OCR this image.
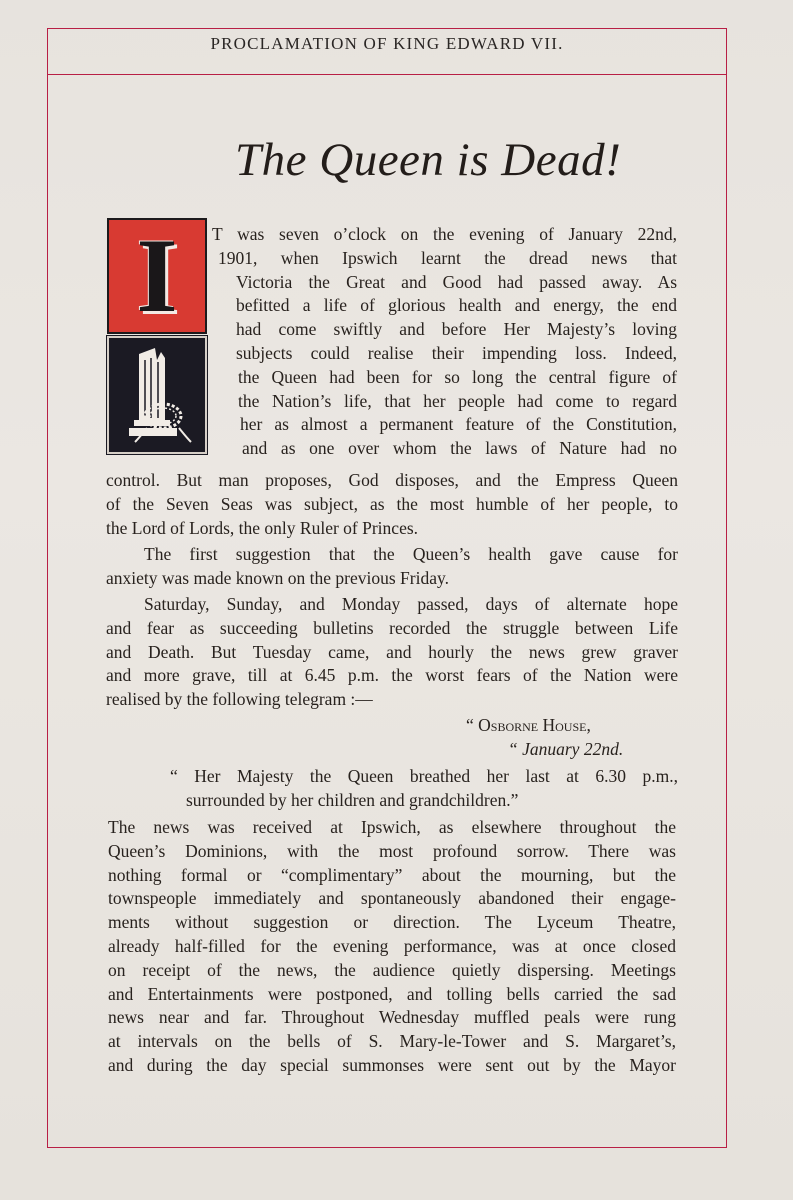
PROCLAMATION OF KING EDWARD VII.
The Queen is Dead!
I	T was seven o’clock on the evening of January 22nd,
1901, when Ipswich learnt the dread news that
Victoria the Great and Good had passed away. As
befitted a life of glorious health and energy, the end
had come swiftly and before Her Majesty’s loving
subjects could realise their impending loss. Indeed,
the Queen had been for so long the central figure of
the Nation’s life, that her people had come to regard
her as almost a permanent feature of the Constitution,
and as one over whom the laws of Nature had no
control. But man proposes, God disposes, and the Empress Queen
of the Seven Seas was subject, as the most humble of her people, to
the Lord of Lords, the only Ruler of Princes.
The first suggestion that the Queen’s health gave cause for
anxiety was made known on the previous Friday.
Saturday, Sunday, and Monday passed, days of alternate hope
and fear as succeeding bulletins recorded the struggle between Life
and Death. But Tuesday came, and hourly the news grew graver
and more grave, till at 6.45 p.m. the worst fears of the Nation were
realised by the following telegram :—
“ Osborne House,
“ January 22nd.
“ Her Majesty the Queen breathed her last at 6.30 p.m.,
surrounded by her children and grandchildren.”
The news was received at Ipswich, as elsewhere throughout the
Queen’s Dominions, with the most profound sorrow. There was
nothing formal or “complimentary” about the mourning, but the
townspeople immediately and spontaneously abandoned their engage-
ments without suggestion or direction. The Lyceum Theatre,
already half-filled for the evening performance, was at once closed
on receipt of the news, the audience quietly dispersing. Meetings
and Entertainments were postponed, and tolling bells carried the sad
news near and far. Throughout Wednesday muffled peals were rung
at intervals on the bells of S. Mary-le-Tower and S. Margaret’s,
and during the day special summonses were sent out by the Mayor
